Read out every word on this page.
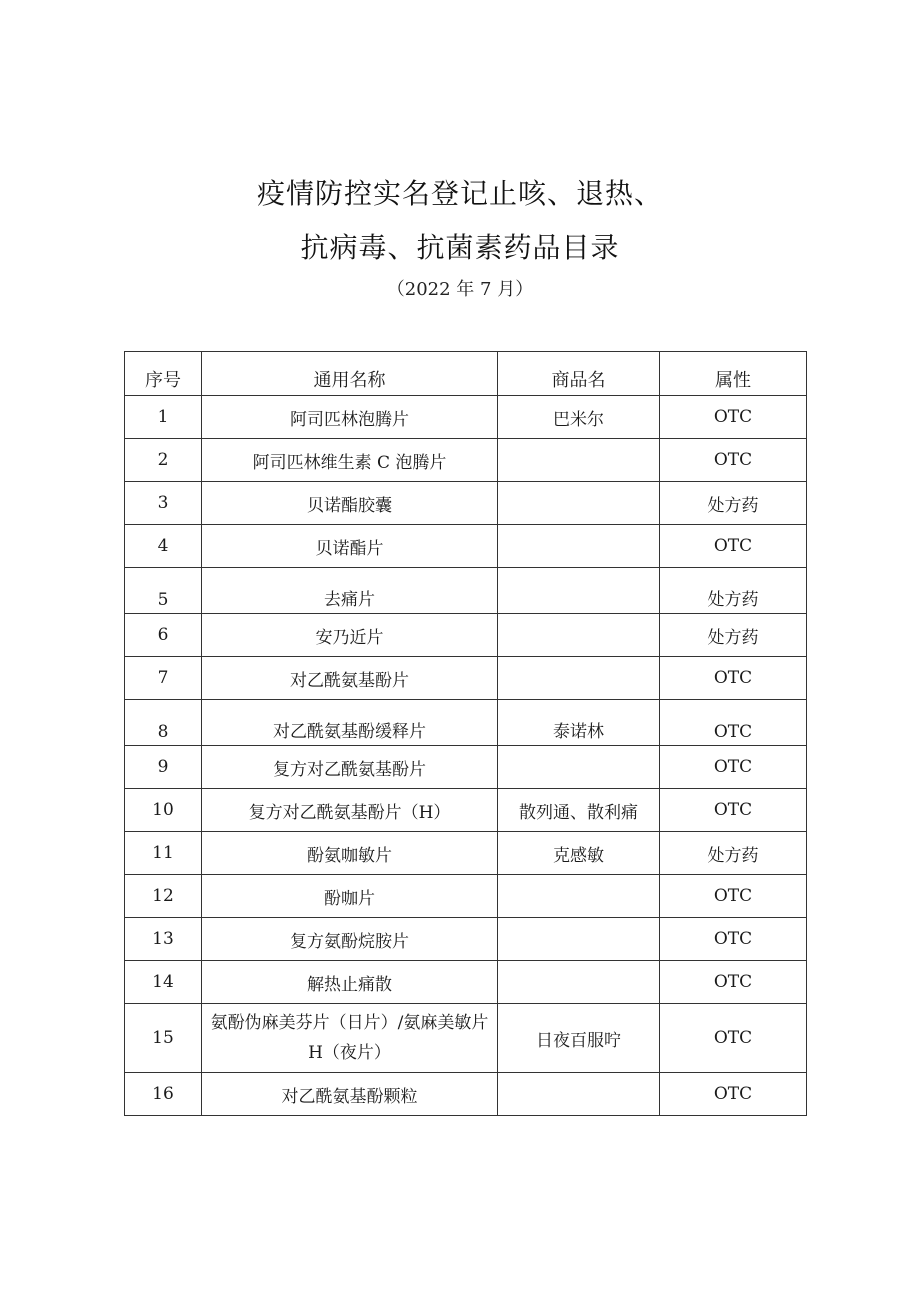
疫情防控实名登记止咳、退热、
抗病毒、抗菌素药品目录
（2022 年 7 月）
序号	通用名称	商品名	属性
1	阿司匹林泡腾片	巴米尔	OTC
2	阿司匹林维生素 C 泡腾片		OTC
3	贝诺酯胶囊		处方药
4	贝诺酯片		OTC
5	去痛片		处方药
6	安乃近片		处方药
7	对乙酰氨基酚片		OTC
8	对乙酰氨基酚缓释片	泰诺林	OTC
9	复方对乙酰氨基酚片		OTC
10	复方对乙酰氨基酚片（H）	散列通、散利痛	OTC
11	酚氨咖敏片	克感敏	处方药
12	酚咖片		OTC
13	复方氨酚烷胺片		OTC
14	解热止痛散		OTC
15	氨酚伪麻美芬片（日片）/氨麻美敏片 H（夜片）	日夜百服咛	OTC
16	对乙酰氨基酚颗粒		OTC
